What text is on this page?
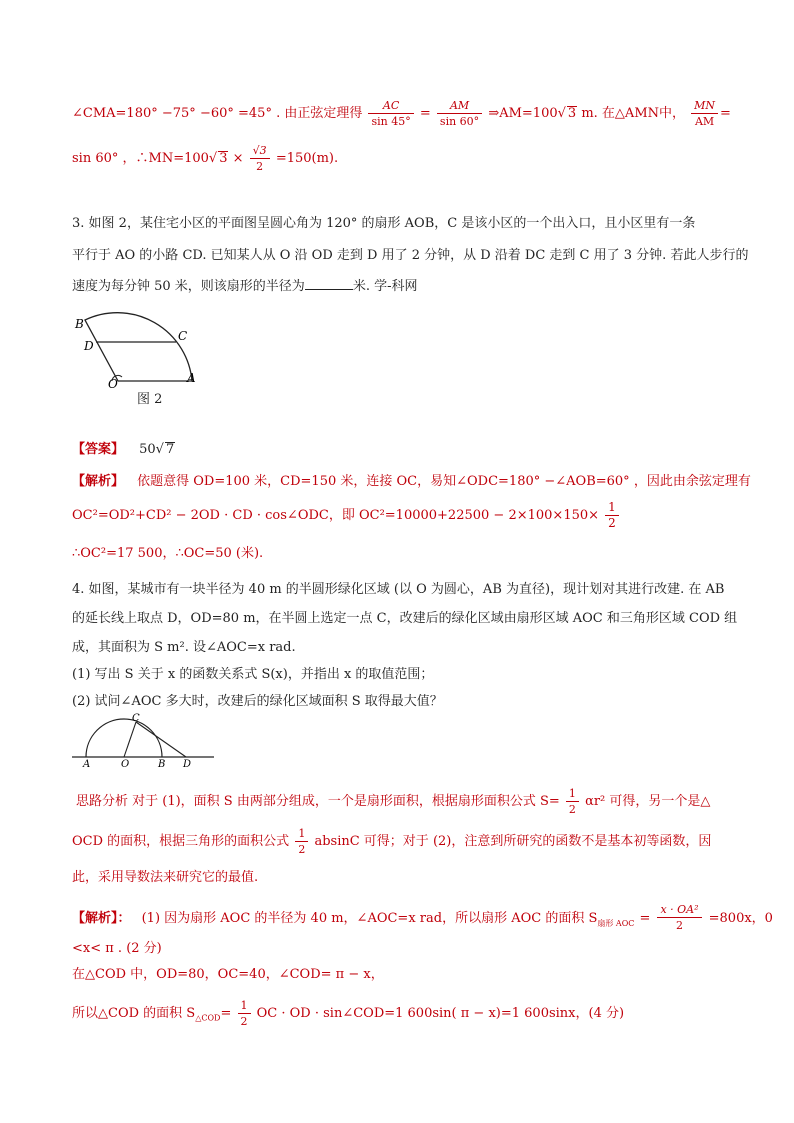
∠CMA=180° −75° −60° =45° . 由正弦定理得 $\frac{AC}{\sin 45^\circ} = \frac{AM}{\sin 60^\circ}$ ⇒AM=100√ 3 m. 在△AMN中， $\frac{MN}{AM}$ =
sin 60° ，∴MN=100√ $3 \times \frac{√3}{2} =150(m)$.
3. 如图 2，某住宅小区的平面图呈圆心角为 120° 的扇形 AOB，C 是该小区的一个出入口，且小区里有一条
平行于 AO 的小路 CD. 已知某人从 O 沿 OD 走到 D 用了 2 分钟，从 D 沿着 DC 走到 C 用了 3 分钟. 若此人步行的
速度为每分钟 50 米，则该扇形的半径为	米. 学-科网
B
C
D
O	A
图 2
【答案】 50√ 7
【解析】 依题意得 OD=100 米，CD=150 米，连接 OC，易知∠ODC=180° −∠AOB=60° ，因此由余弦定理有
OC²=OD²+CD² − 2OD · CD · cos∠ODC，即 $OC^2=10000+22500 - 2\times 100\times 150\times \frac{1}{2}$
∴OC²=17 500，∴OC=50 (米).
4. 如图，某城市有一块半径为 40 m 的半圆形绿化区域 (以 O 为圆心，AB 为直径)，现计划对其进行改建. 在 AB
的延长线上取点 D，OD=80 m，在半圆上选定一点 C，改建后的绿化区域由扇形区域 AOC 和三角形区域 COD 组
成，其面积为 S m². 设∠AOC=x rad.
(1) 写出 S 关于 x 的函数关系式 S(x)，并指出 x 的取值范围；
(2) 试问∠AOC 多大时，改建后的绿化区域面积 S 取得最大值？
C
A	O	B D
思路分析 对于 (1)，面积 S 由两部分组成，一个是扇形面积，根据扇形面积公式 $S= \frac{1}{2} \alpha r^2$ 可得，另一个是△
OCD 的面积，根据三角形的面积公式 $\frac{1}{2}$ absinC 可得；对于 (2)，注意到所研究的函数不是基本初等函数，因
此，采用导数法来研究它的最值.
【解析】： (1) 因为扇形 AOC 的半径为 40 m，∠AOC=x rad，所以扇形 AOC 的面积 $S_{扇形 AOC} = \frac{\text{x · OA²}}{2} =800x$，0
<x< π . (2 分)
在△COD 中，OD=80，OC=40，∠COD= π − x，
所以△COD 的面积 $S_{\triangle COD}= \frac{1}{2}$ OC · OD · sin∠COD=1 600sin( π − x)=1 600sinx，(4 分)
